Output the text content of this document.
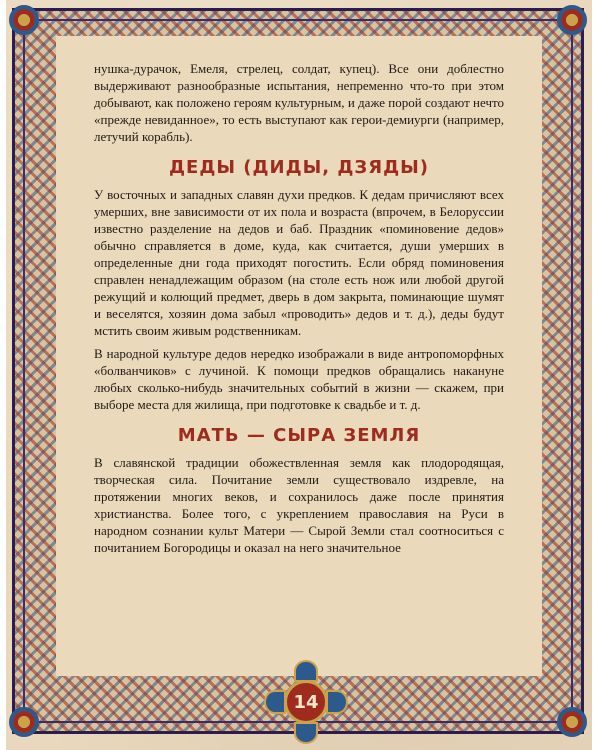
нушка-дурачок, Емеля, стрелец, солдат, купец). Все они доблестно выдерживают разнообразные испытания, непременно что-то при этом добывают, как положено героям культурным, и даже порой создают нечто «прежде невиданное», то есть выступают как герои-демиурги (например, летучий корабль).

ДЕДЫ (ДИДЫ, ДЗЯДЫ)

У восточных и западных славян духи предков. К дедам причисляют всех умерших, вне зависимости от их пола и возраста (впрочем, в Белоруссии известно разделение на дедов и баб. Праздник «поминовение дедов» обычно справляется в доме, куда, как считается, души умерших в определенные дни года приходят погостить. Если обряд поминовения справлен ненадлежащим образом (на столе есть нож или любой другой режущий и колющий предмет, дверь в дом закрыта, поминающие шумят и веселятся, хозяин дома забыл «проводить» дедов и т. д.), деды будут мстить своим живым родственникам.

В народной культуре дедов нередко изображали в виде антропоморфных «болванчиков» с лучиной. К помощи предков обращались накануне любых сколько-нибудь значительных событий в жизни — скажем, при выборе места для жилища, при подготовке к свадьбе и т. д.

МАТЬ — СЫРА ЗЕМЛЯ

В славянской традиции обожествленная земля как плодородящая, творческая сила. Почитание земли существовало издревле, на протяжении многих веков, и сохранилось даже после принятия христианства. Более того, с укреплением православия на Руси в народном сознании культ Матери — Сырой Земли стал соотноситься с почитанием Богородицы и оказал на него значительное

14
